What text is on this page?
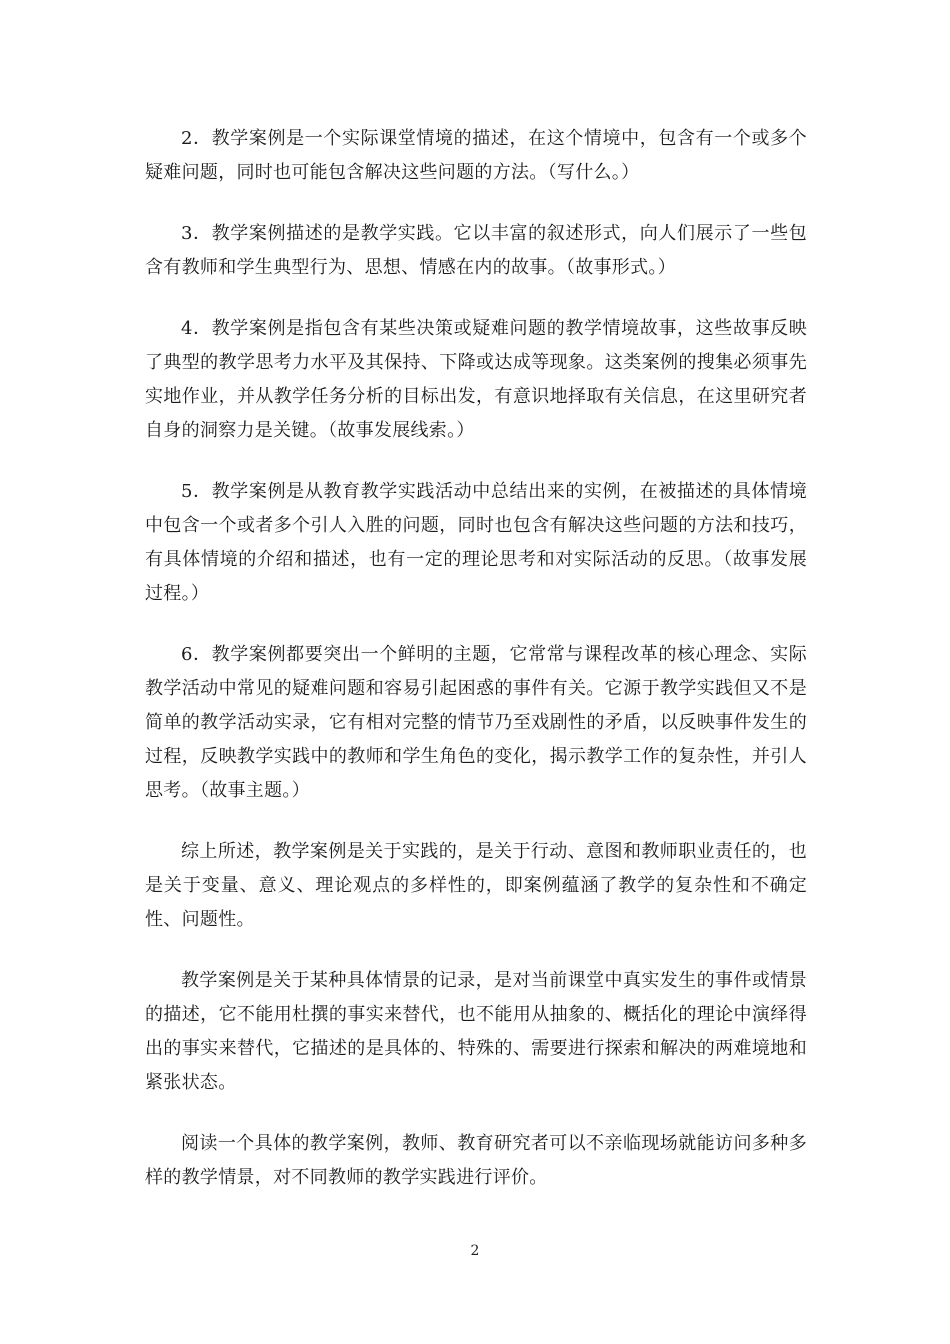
2．教学案例是一个实际课堂情境的描述，在这个情境中，包含有一个或多个疑难问题，同时也可能包含解决这些问题的方法。（写什么。）

3．教学案例描述的是教学实践。它以丰富的叙述形式，向人们展示了一些包含有教师和学生典型行为、思想、情感在内的故事。（故事形式。）

4．教学案例是指包含有某些决策或疑难问题的教学情境故事，这些故事反映了典型的教学思考力水平及其保持、下降或达成等现象。这类案例的搜集必须事先实地作业，并从教学任务分析的目标出发，有意识地择取有关信息，在这里研究者自身的洞察力是关键。（故事发展线索。）

5．教学案例是从教育教学实践活动中总结出来的实例，在被描述的具体情境中包含一个或者多个引人入胜的问题，同时也包含有解决这些问题的方法和技巧，有具体情境的介绍和描述，也有一定的理论思考和对实际活动的反思。（故事发展过程。）

6．教学案例都要突出一个鲜明的主题，它常常与课程改革的核心理念、实际教学活动中常见的疑难问题和容易引起困惑的事件有关。它源于教学实践但又不是简单的教学活动实录，它有相对完整的情节乃至戏剧性的矛盾，以反映事件发生的过程，反映教学实践中的教师和学生角色的变化，揭示教学工作的复杂性，并引人思考。（故事主题。）

综上所述，教学案例是关于实践的，是关于行动、意图和教师职业责任的，也是关于变量、意义、理论观点的多样性的，即案例蕴涵了教学的复杂性和不确定性、问题性。

教学案例是关于某种具体情景的记录，是对当前课堂中真实发生的事件或情景的描述，它不能用杜撰的事实来替代，也不能用从抽象的、概括化的理论中演绎得出的事实来替代，它描述的是具体的、特殊的、需要进行探索和解决的两难境地和紧张状态。

阅读一个具体的教学案例，教师、教育研究者可以不亲临现场就能访问多种多样的教学情景，对不同教师的教学实践进行评价。

2
